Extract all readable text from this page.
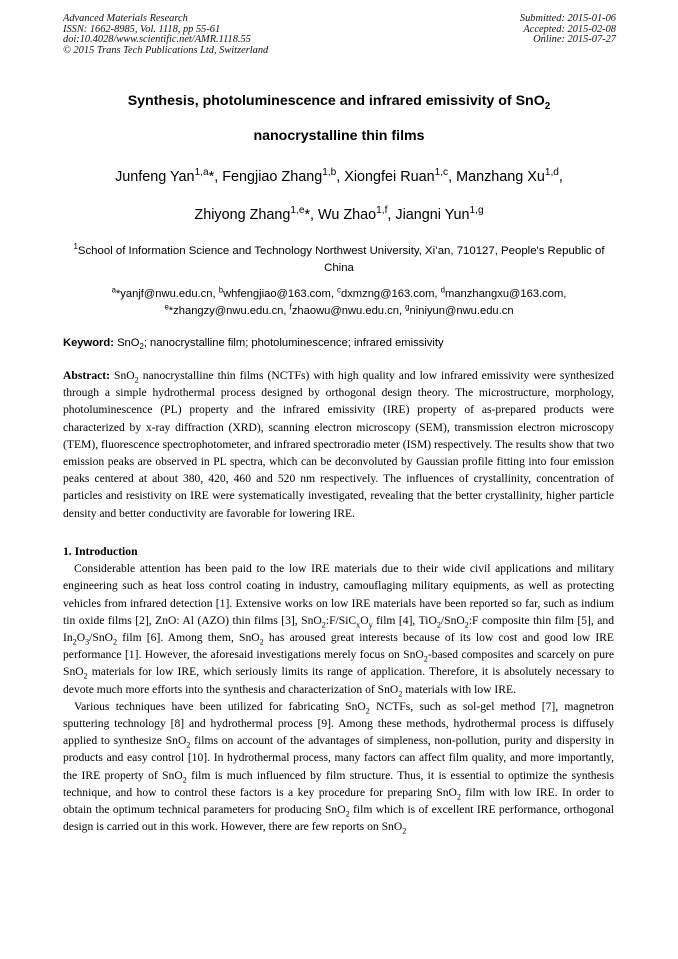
Advanced Materials Research
ISSN: 1662-8985, Vol. 1118, pp 55-61
doi:10.4028/www.scientific.net/AMR.1118.55
© 2015 Trans Tech Publications Ltd, Switzerland
Submitted: 2015-01-06
Accepted: 2015-02-08
Online: 2015-07-27
Synthesis, photoluminescence and infrared emissivity of SnO$_2$
nanocrystalline thin films
Junfeng Yan$^{1,a}$*, Fengjiao Zhang$^{1,b}$, Xiongfei Ruan$^{1,c}$, Manzhang Xu$^{1,d}$,
Zhiyong Zhang$^{1,e}$*, Wu Zhao$^{1,f}$, Jiangni Yun$^{1,g}$
$^1$School of Information Science and Technology Northwest University, Xi’an, 710127, People's Republic of China
$^a$*yanjf@nwu.edu.cn, $^b$whfengjiao@163.com, $^c$dxmzng@163.com, $^d$manzhangxu@163.com,
$^e$*zhangzy@nwu.edu.cn, $^f$zhaowu@nwu.edu.cn, $^g$niniyun@nwu.edu.cn
Keyword: SnO$_2$; nanocrystalline film; photoluminescence; infrared emissivity

Abstract: SnO$_2$ nanocrystalline thin films (NCTFs) with high quality and low infrared emissivity were synthesized through a simple hydrothermal process designed by orthogonal design theory. The microstructure, morphology, photoluminescence (PL) property and the infrared emissivity (IRE) property of as-prepared products were characterized by x-ray diffraction (XRD), scanning electron microscopy (SEM), transmission electron microscopy (TEM), fluorescence spectrophotometer, and infrared spectroradio meter (ISM) respectively. The results show that two emission peaks are observed in PL spectra, which can be deconvoluted by Gaussian profile fitting into four emission peaks centered at about 380, 420, 460 and 520 nm respectively. The influences of crystallinity, concentration of particles and resistivity on IRE were systematically investigated, revealing that the better crystallinity, higher particle density and better conductivity are favorable for lowering IRE.

1. Introduction

Considerable attention has been paid to the low IRE materials due to their wide civil applications and military engineering such as heat loss control coating in industry, camouflaging military equipments, as well as protecting vehicles from infrared detection [1]. Extensive works on low IRE materials have been reported so far, such as indium tin oxide films [2], ZnO: Al (AZO) thin films [3], $SnO_2:F/SiC_xO_y$ film [4], TiO$_2$/SnO$_2$:F composite thin film [5], and $In_2O_3/SnO_2$ film [6]. Among them, SnO$_2$ has aroused great interests because of its low cost and good low IRE performance [1]. However, the aforesaid investigations merely focus on SnO$_2$-based composites and scarcely on pure SnO$_2$ materials for low IRE, which seriously limits its range of application. Therefore, it is absolutely necessary to devote much more efforts into the synthesis and characterization of SnO$_2$ materials with low IRE.

Various techniques have been utilized for fabricating SnO$_2$ NCTFs, such as sol-gel method [7], magnetron sputtering technology [8] and hydrothermal process [9]. Among these methods, hydrothermal process is diffusely applied to synthesize SnO$_2$ films on account of the advantages of simpleness, non-pollution, purity and dispersity in products and easy control [10]. In hydrothermal process, many factors can affect film quality, and more importantly, the IRE property of SnO$_2$ film is much influenced by film structure. Thus, it is essential to optimize the synthesis technique, and how to control these factors is a key procedure for preparing SnO$_2$ film with low IRE. In order to obtain the optimum technical parameters for producing SnO$_2$ film which is of excellent IRE performance, orthogonal design is carried out in this work. However, there are few reports on SnO$_2$
